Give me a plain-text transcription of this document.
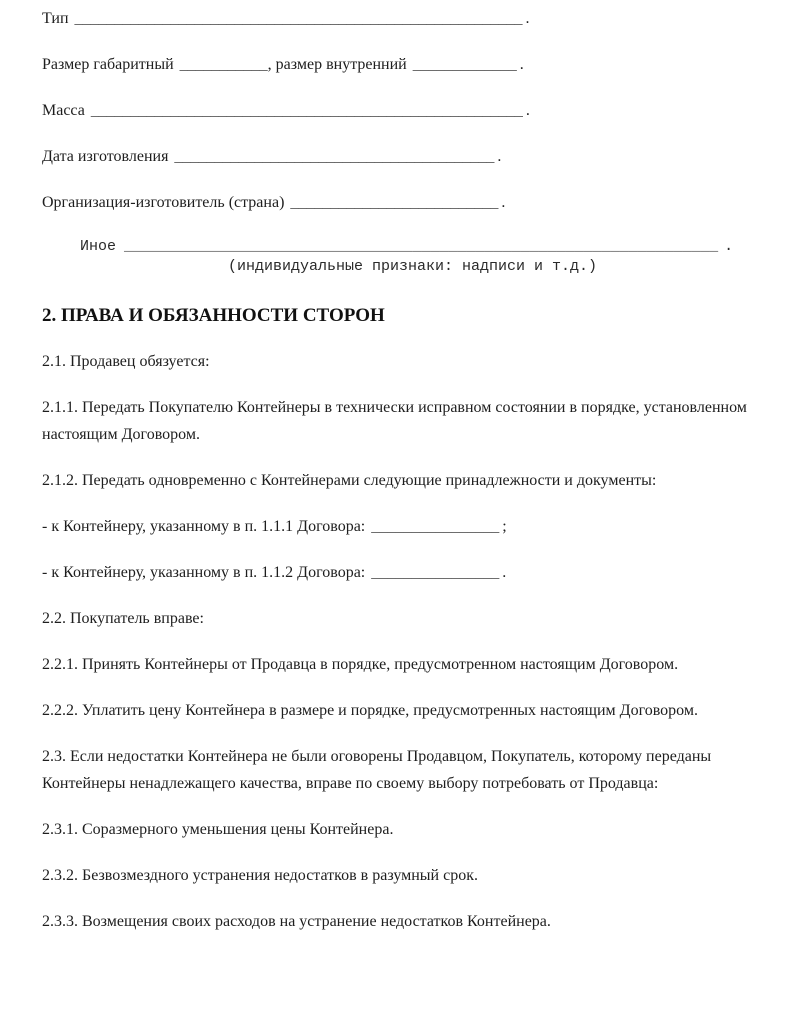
Тип ________________________________________________________ .

Размер габаритный ___________, размер внутренний _____________ .

Масса ______________________________________________________ .

Дата изготовления ________________________________________ .

Организация-изготовитель (страна) __________________________ .

Иное __________________________________________________________________ .
(индивидуальные признаки: надписи и т.д.)
2. ПРАВА И ОБЯЗАННОСТИ СТОРОН

2.1. Продавец обязуется:

2.1.1. Передать Покупателю Контейнеры в технически исправном состоянии в порядке, установленном настоящим Договором.

2.1.2. Передать одновременно с Контейнерами следующие принадлежности и документы:

- к Контейнеру, указанному в п. 1.1.1 Договора: ________________ ;

- к Контейнеру, указанному в п. 1.1.2 Договора: ________________ .

2.2. Покупатель вправе:

2.2.1. Принять Контейнеры от Продавца в порядке, предусмотренном настоящим Договором.

2.2.2. Уплатить цену Контейнера в размере и порядке, предусмотренных настоящим Договором.

2.3. Если недостатки Контейнера не были оговорены Продавцом, Покупатель, которому переданы Контейнеры ненадлежащего качества, вправе по своему выбору потребовать от Продавца:

2.3.1. Соразмерного уменьшения цены Контейнера.

2.3.2. Безвозмездного устранения недостатков в разумный срок.

2.3.3. Возмещения своих расходов на устранение недостатков Контейнера.
